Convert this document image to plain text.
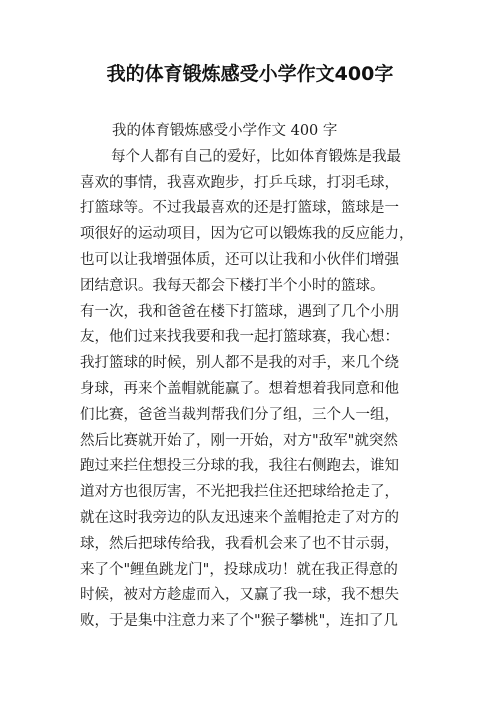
我的体育锻炼感受小学作文400字
我的体育锻炼感受小学作文 400 字
每个人都有自己的爱好，比如体育锻炼是我最
喜欢的事情，我喜欢跑步，打乒乓球，打羽毛球，
打篮球等。不过我最喜欢的还是打篮球，篮球是一
项很好的运动项目，因为它可以锻炼我的反应能力，
也可以让我增强体质，还可以让我和小伙伴们增强
团结意识。我每天都会下楼打半个小时的篮球。
有一次，我和爸爸在楼下打篮球，遇到了几个小朋
友，他们过来找我要和我一起打篮球赛，我心想：
我打篮球的时候，别人都不是我的对手，来几个绕
身球，再来个盖帽就能赢了。想着想着我同意和他
们比赛，爸爸当裁判帮我们分了组，三个人一组，
然后比赛就开始了，刚一开始，对方"敌军"就突然
跑过来拦住想投三分球的我，我往右侧跑去，谁知
道对方也很厉害，不光把我拦住还把球给抢走了，
就在这时我旁边的队友迅速来个盖帽抢走了对方的
球，然后把球传给我，我看机会来了也不甘示弱，
来了个"鲤鱼跳龙门"，投球成功！就在我正得意的
时候，被对方趁虚而入，又赢了我一球，我不想失
败，于是集中注意力来了个"猴子攀桃"，连扣了几
